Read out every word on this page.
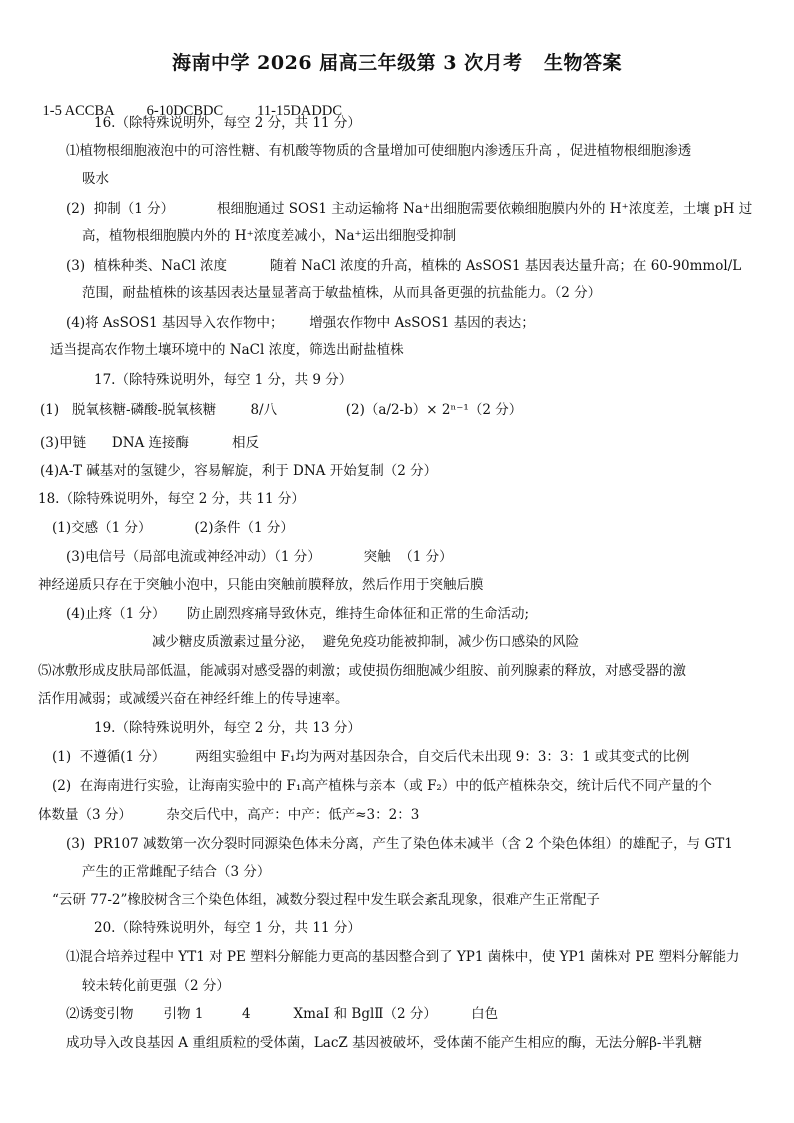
海南中学 2026 届高三年级第 3 次月考   生物答案

1-5 ACCBA 6-10DCBDC 11-15DADDC

16.（除特殊说明外，每空 2 分，共 11 分）
⑴植物根细胞液泡中的可溶性糖、有机酸等物质的含量增加可使细胞内渗透压升高 ，促进植物根细胞渗透
吸水
(2)  抑制（1 分）          根细胞通过 SOS1 主动运输将 Na⁺出细胞需要依赖细胞膜内外的 H⁺浓度差，土壤 pH 过
高，植物根细胞膜内外的 H⁺浓度差减小，Na⁺运出细胞受抑制
(3)  植株种类、NaCl 浓度          随着 NaCl 浓度的升高，植株的 AsSOS1 基因表达量升高；在 60-90mmol/L
范围，耐盐植株的该基因表达量显著高于敏盐植株，从而具备更强的抗盐能力。（2 分）
(4)将 AsSOS1 基因导入农作物中；      增强农作物中 AsSOS1 基因的表达；
适当提高农作物土壤环境中的 NaCl 浓度，筛选出耐盐植株
17.（除特殊说明外，每空 1 分，共 9 分）
(1)   脱氧核糖-磷酸-脱氧核糖        8/八                (2)（a/2-b）× 2ⁿ⁻¹（2 分）
(3)甲链      DNA 连接酶          相反
(4)A-T 碱基对的氢键少，容易解旋，利于 DNA 开始复制（2 分）
18.（除特殊说明外，每空 2 分，共 11 分）
(1)交感（1 分）          (2)条件（1 分）
(3)电信号（局部电流或神经冲动）（1 分）          突触  （1 分）
神经递质只存在于突触小泡中，只能由突触前膜释放，然后作用于突触后膜
(4)止疼（1 分）     防止剧烈疼痛导致休克，维持生命体征和正常的生命活动;
减少糖皮质激素过量分泌，  避免免疫功能被抑制，减少伤口感染的风险
⑸冰敷形成皮肤局部低温，能减弱对感受器的刺激；或使损伤细胞减少组胺、前列腺素的释放，对感受器的激
活作用减弱；或减缓兴奋在神经纤维上的传导速率。
19.（除特殊说明外，每空 2 分，共 13 分）
(1)  不遵循(1 分）       两组实验组中 F₁均为两对基因杂合，自交后代未出现 9：3：3：1 或其变式的比例
(2)  在海南进行实验，让海南实验中的 F₁高产植株与亲本（或 F₂）中的低产植株杂交，统计后代不同产量的个
体数量（3 分）        杂交后代中，高产：中产：低产≈3：2：3
(3)  PR107 减数第一次分裂时同源染色体未分离，产生了染色体未减半（含 2 个染色体组）的雄配子，与 GT1
产生的正常雌配子结合（3 分）
“云研 77-2”橡胶树含三个染色体组，减数分裂过程中发生联会紊乱现象，很难产生正常配子
20.（除特殊说明外，每空 1 分，共 11 分）
⑴混合培养过程中 YT1 对 PE 塑料分解能力更高的基因整合到了 YP1 菌株中，使 YP1 菌株对 PE 塑料分解能力
较未转化前更强（2 分）
⑵诱变引物       引物 1         4          XmaI 和 BglⅡ（2 分）        白色
成功导入改良基因 A 重组质粒的受体菌，LacZ 基因被破坏，受体菌不能产生相应的酶，无法分解β-半乳糖
